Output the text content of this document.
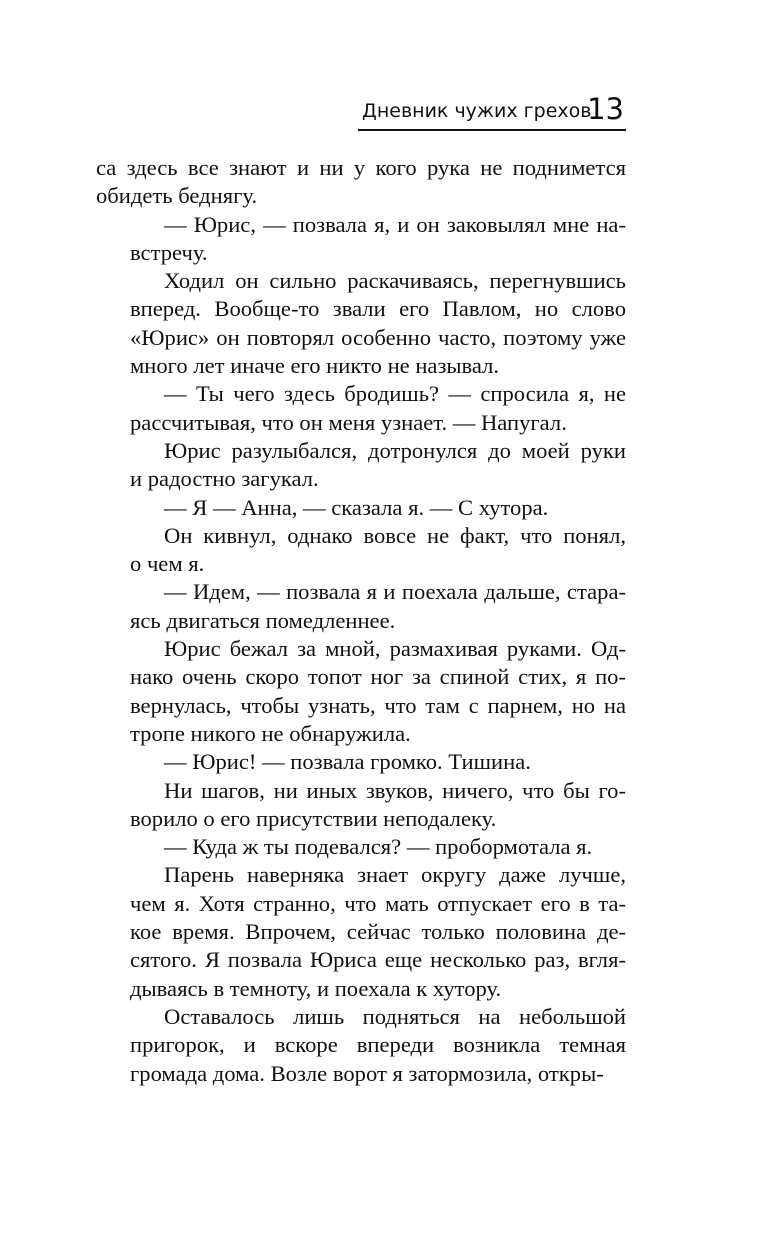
Дневник чужих грехов
13
са здесь все знают и ни у кого рука не поднимется
обидеть беднягу.
— Юрис, — позвала я, и он заковылял мне на-
встречу.
Ходил он сильно раскачиваясь, перегнувшись
вперед. Вообще-то звали его Павлом, но слово
«Юрис» он повторял особенно часто, поэтому уже
много лет иначе его никто не называл.
— Ты чего здесь бродишь? — спросила я, не
рассчитывая, что он меня узнает. — Напугал.
Юрис разулыбался, дотронулся до моей руки
и радостно загукал.
— Я — Анна, — сказала я. — С хутора.
Он кивнул, однако вовсе не факт, что понял,
о чем я.
— Идем, — позвала я и поехала дальше, стара-
ясь двигаться помедленнее.
Юрис бежал за мной, размахивая руками. Од-
нако очень скоро топот ног за спиной стих, я по-
вернулась, чтобы узнать, что там с парнем, но на
тропе никого не обнаружила.
— Юрис! — позвала громко. Тишина.
Ни шагов, ни иных звуков, ничего, что бы го-
ворило о его присутствии неподалеку.
— Куда ж ты подевался? — пробормотала я.
Парень наверняка знает округу даже лучше,
чем я. Хотя странно, что мать отпускает его в та-
кое время. Впрочем, сейчас только половина де-
сятого. Я позвала Юриса еще несколько раз, вгля-
дываясь в темноту, и поехала к хутору.
Оставалось лишь подняться на небольшой
пригорок, и вскоре впереди возникла темная
громада дома. Возле ворот я затормозила, откры-
